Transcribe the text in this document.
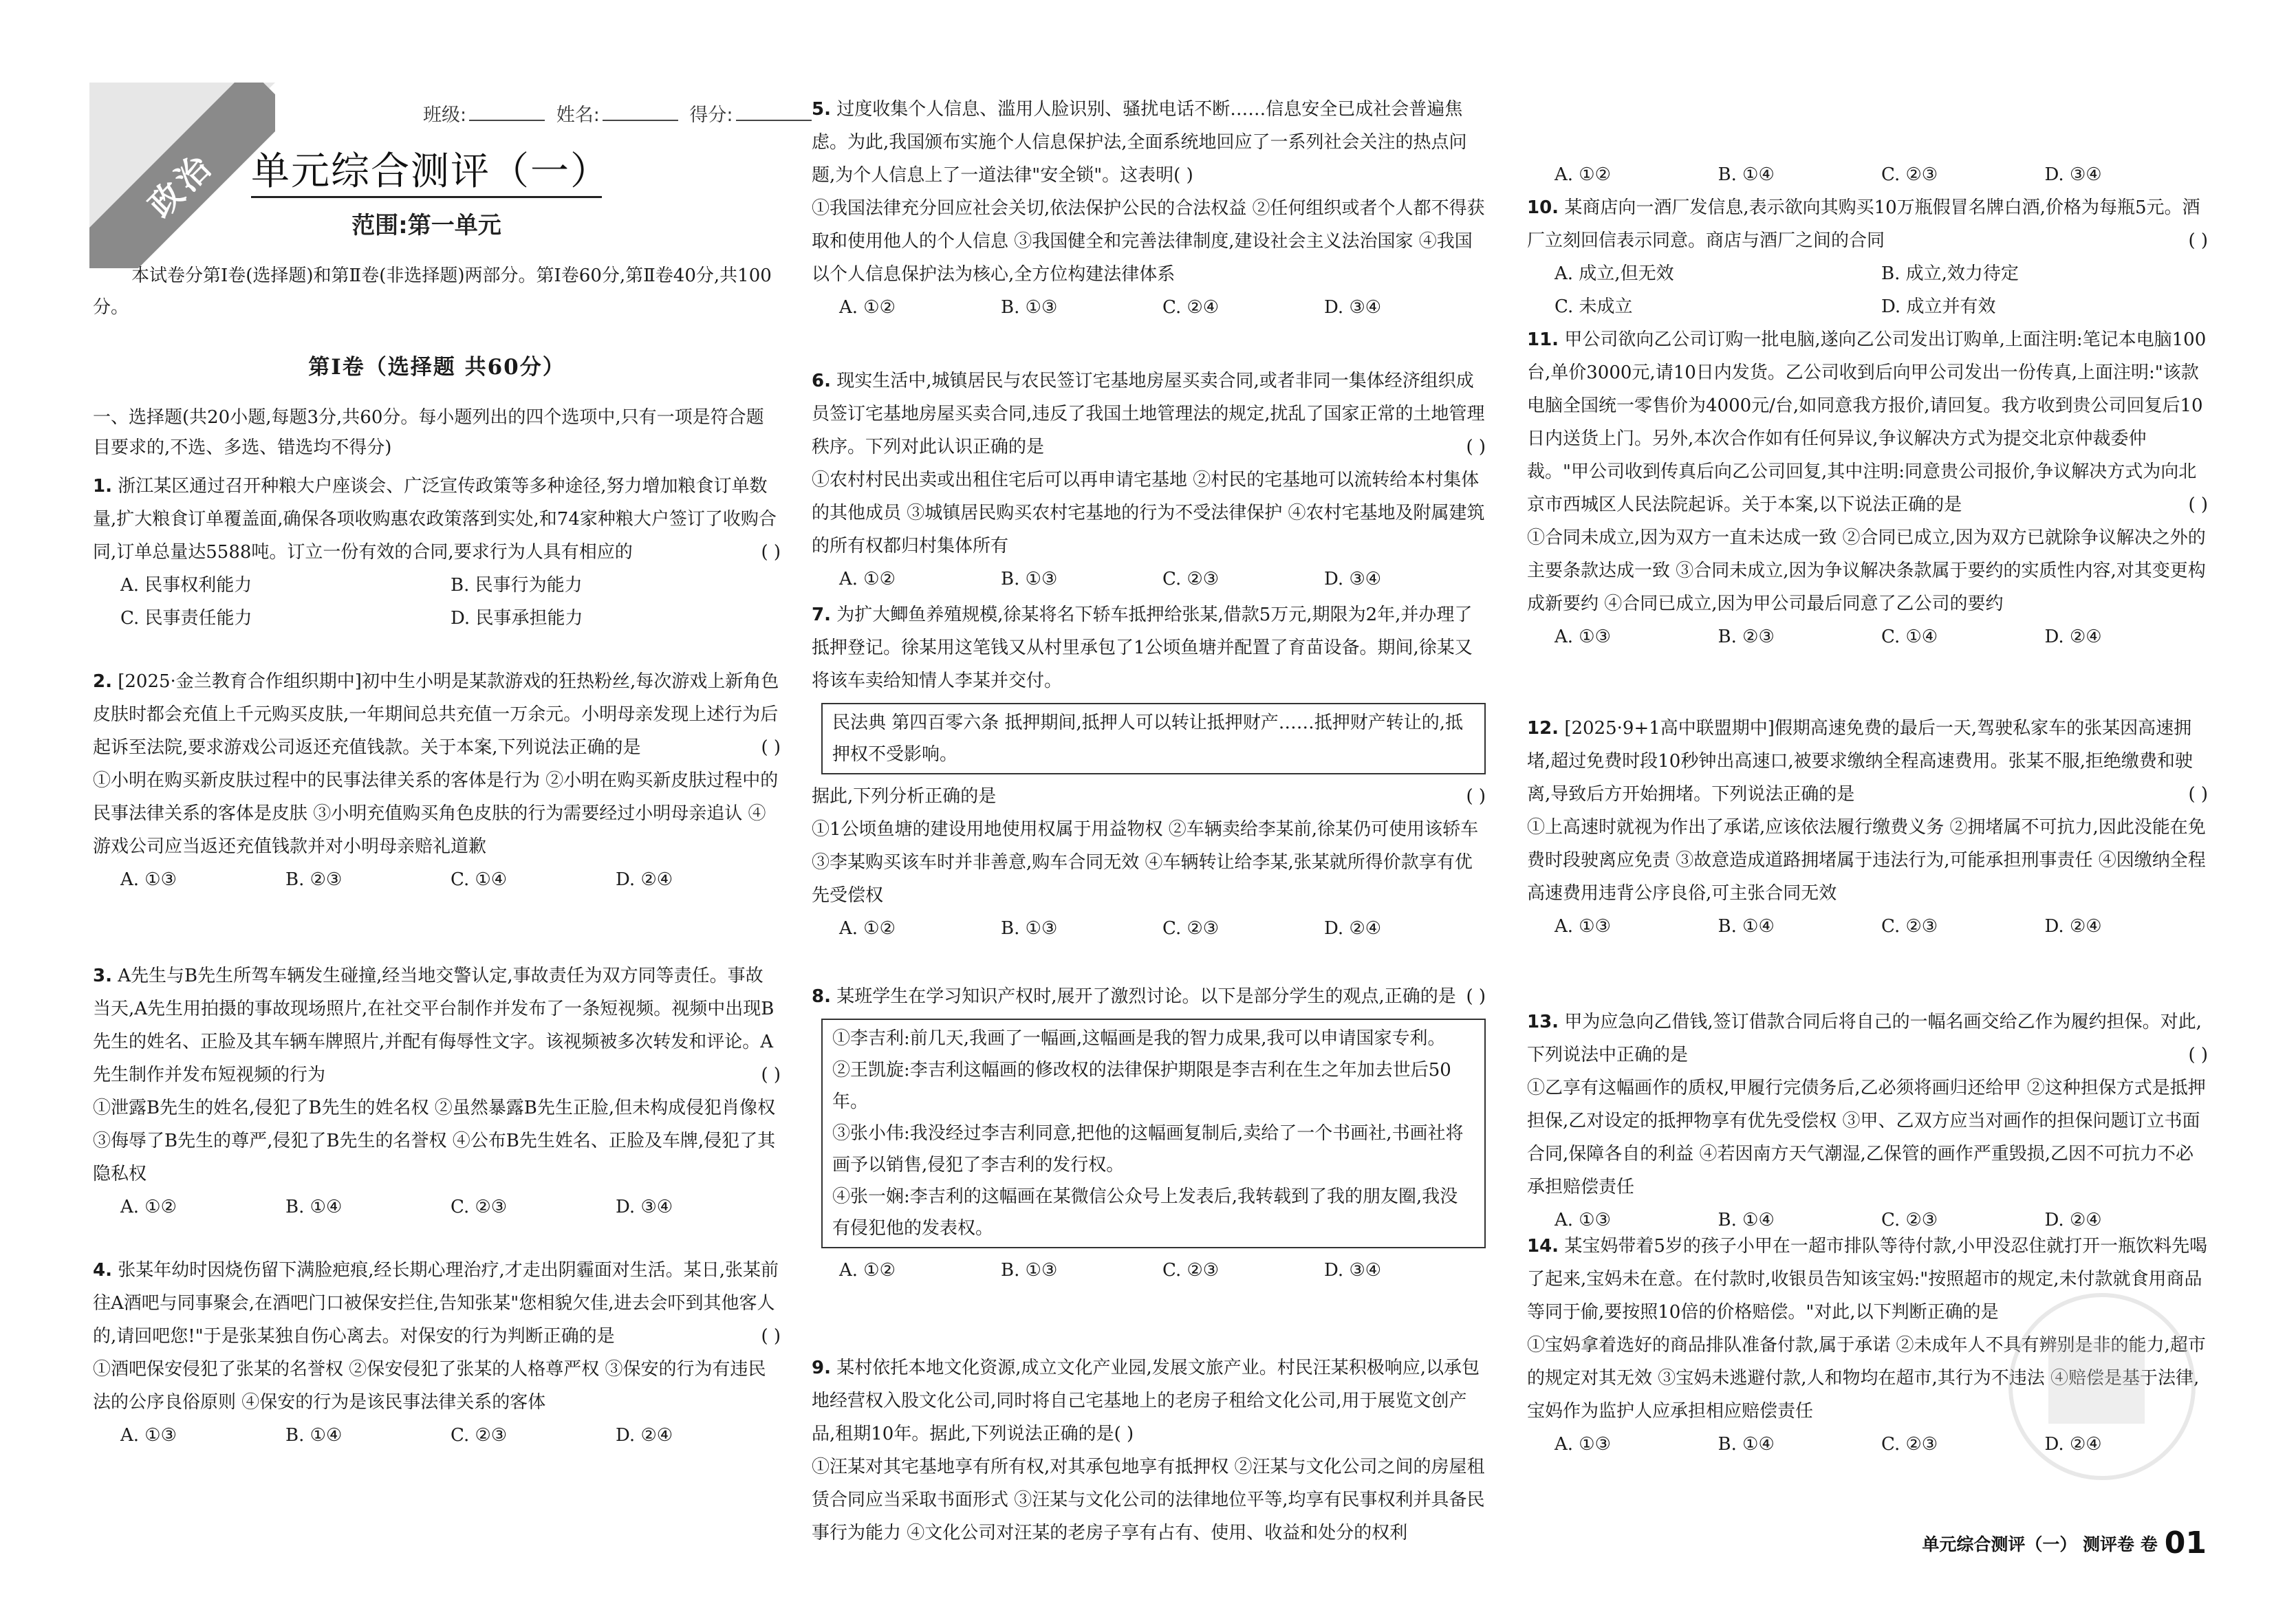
政治
班级:	姓名:	得分:
单元综合测评（一）
范围:第一单元
本试卷分第Ⅰ卷(选择题)和第Ⅱ卷(非选择题)两部分。第Ⅰ卷60分,第Ⅱ卷40分,共100分。
第Ⅰ卷（选择题 共60分）
一、选择题(共20小题,每题3分,共60分。每小题列出的四个选项中,只有一项是符合题目要求的,不选、多选、错选均不得分)
1. 浙江某区通过召开种粮大户座谈会、广泛宣传政策等多种途径,努力增加粮食订单数量,扩大粮食订单覆盖面,确保各项收购惠农政策落到实处,和74家种粮大户签订了收购合同,订单总量达5588吨。订立一份有效的合同,要求行为人具有相应的	( )
A. 民事权利能力	B. 民事行为能力
C. 民事责任能力	D. 民事承担能力
2. [2025·金兰教育合作组织期中]初中生小明是某款游戏的狂热粉丝,每次游戏上新角色皮肤时都会充值上千元购买皮肤,一年期间总共充值一万余元。小明母亲发现上述行为后起诉至法院,要求游戏公司返还充值钱款。关于本案,下列说法正确的是	( )
①小明在购买新皮肤过程中的民事法律关系的客体是行为 ②小明在购买新皮肤过程中的民事法律关系的客体是皮肤 ③小明充值购买角色皮肤的行为需要经过小明母亲追认 ④游戏公司应当返还充值钱款并对小明母亲赔礼道歉
A. ①③	B. ②③	C. ①④	D. ②④
3. A先生与B先生所驾车辆发生碰撞,经当地交警认定,事故责任为双方同等责任。事故当天,A先生用拍摄的事故现场照片,在社交平台制作并发布了一条短视频。视频中出现B先生的姓名、正脸及其车辆车牌照片,并配有侮辱性文字。该视频被多次转发和评论。A先生制作并发布短视频的行为	( )
①泄露B先生的姓名,侵犯了B先生的姓名权 ②虽然暴露B先生正脸,但未构成侵犯肖像权 ③侮辱了B先生的尊严,侵犯了B先生的名誉权 ④公布B先生姓名、正脸及车牌,侵犯了其隐私权
A. ①②	B. ①④	C. ②③	D. ③④
4. 张某年幼时因烧伤留下满脸疤痕,经长期心理治疗,才走出阴霾面对生活。某日,张某前往A酒吧与同事聚会,在酒吧门口被保安拦住,告知张某"您相貌欠佳,进去会吓到其他客人的,请回吧您!"于是张某独自伤心离去。对保安的行为判断正确的是	( )
①酒吧保安侵犯了张某的名誉权 ②保安侵犯了张某的人格尊严权 ③保安的行为有违民法的公序良俗原则 ④保安的行为是该民事法律关系的客体
A. ①③	B. ①④	C. ②③	D. ②④
5. 过度收集个人信息、滥用人脸识别、骚扰电话不断……信息安全已成社会普遍焦虑。为此,我国颁布实施个人信息保护法,全面系统地回应了一系列社会关注的热点问题,为个人信息上了一道法律"安全锁"。这表明( )
①我国法律充分回应社会关切,依法保护公民的合法权益 ②任何组织或者个人都不得获取和使用他人的个人信息 ③我国健全和完善法律制度,建设社会主义法治国家 ④我国以个人信息保护法为核心,全方位构建法律体系
A. ①②	B. ①③	C. ②④	D. ③④
6. 现实生活中,城镇居民与农民签订宅基地房屋买卖合同,或者非同一集体经济组织成员签订宅基地房屋买卖合同,违反了我国土地管理法的规定,扰乱了国家正常的土地管理秩序。下列对此认识正确的是	( )
①农村村民出卖或出租住宅后可以再申请宅基地 ②村民的宅基地可以流转给本村集体的其他成员 ③城镇居民购买农村宅基地的行为不受法律保护 ④农村宅基地及附属建筑的所有权都归村集体所有
A. ①②	B. ①③	C. ②③	D. ③④
7. 为扩大鲫鱼养殖规模,徐某将名下轿车抵押给张某,借款5万元,期限为2年,并办理了抵押登记。徐某用这笔钱又从村里承包了1公顷鱼塘并配置了育苗设备。期间,徐某又将该车卖给知情人李某并交付。
民法典 第四百零六条 抵押期间,抵押人可以转让抵押财产……抵押财产转让的,抵押权不受影响。
据此,下列分析正确的是	( )
①1公顷鱼塘的建设用地使用权属于用益物权 ②车辆卖给李某前,徐某仍可使用该轿车 ③李某购买该车时并非善意,购车合同无效 ④车辆转让给李某,张某就所得价款享有优先受偿权
A. ①②	B. ①③	C. ②③	D. ②④
8. 某班学生在学习知识产权时,展开了激烈讨论。以下是部分学生的观点,正确的是 ( )
①李吉利:前几天,我画了一幅画,这幅画是我的智力成果,我可以申请国家专利。
②王凯旋:李吉利这幅画的修改权的法律保护期限是李吉利在生之年加去世后50年。
③张小伟:我没经过李吉利同意,把他的这幅画复制后,卖给了一个书画社,书画社将画予以销售,侵犯了李吉利的发行权。
④张一娴:李吉利的这幅画在某微信公众号上发表后,我转载到了我的朋友圈,我没有侵犯他的发表权。
A. ①②	B. ①③	C. ②③	D. ③④
9. 某村依托本地文化资源,成立文化产业园,发展文旅产业。村民汪某积极响应,以承包地经营权入股文化公司,同时将自己宅基地上的老房子租给文化公司,用于展览文创产品,租期10年。据此,下列说法正确的是( )
①汪某对其宅基地享有所有权,对其承包地享有抵押权 ②汪某与文化公司之间的房屋租赁合同应当采取书面形式 ③汪某与文化公司的法律地位平等,均享有民事权利并具备民事行为能力 ④文化公司对汪某的老房子享有占有、使用、收益和处分的权利
A. ①②	B. ①④	C. ②③	D. ③④
10. 某商店向一酒厂发信息,表示欲向其购买10万瓶假冒名牌白酒,价格为每瓶5元。酒厂立刻回信表示同意。商店与酒厂之间的合同	( )
A. 成立,但无效	B. 成立,效力待定
C. 未成立	D. 成立并有效
11. 甲公司欲向乙公司订购一批电脑,遂向乙公司发出订购单,上面注明:笔记本电脑100台,单价3000元,请10日内发货。乙公司收到后向甲公司发出一份传真,上面注明:"该款电脑全国统一零售价为4000元/台,如同意我方报价,请回复。我方收到贵公司回复后10日内送货上门。另外,本次合作如有任何异议,争议解决方式为提交北京仲裁委仲裁。"甲公司收到传真后向乙公司回复,其中注明:同意贵公司报价,争议解决方式为向北京市西城区人民法院起诉。关于本案,以下说法正确的是	( )
①合同未成立,因为双方一直未达成一致 ②合同已成立,因为双方已就除争议解决之外的主要条款达成一致 ③合同未成立,因为争议解决条款属于要约的实质性内容,对其变更构成新要约 ④合同已成立,因为甲公司最后同意了乙公司的要约
A. ①③	B. ②③	C. ①④	D. ②④
12. [2025·9+1高中联盟期中]假期高速免费的最后一天,驾驶私家车的张某因高速拥堵,超过免费时段10秒钟出高速口,被要求缴纳全程高速费用。张某不服,拒绝缴费和驶离,导致后方开始拥堵。下列说法正确的是	( )
①上高速时就视为作出了承诺,应该依法履行缴费义务 ②拥堵属不可抗力,因此没能在免费时段驶离应免责 ③故意造成道路拥堵属于违法行为,可能承担刑事责任 ④因缴纳全程高速费用违背公序良俗,可主张合同无效
A. ①③	B. ①④	C. ②③	D. ②④
13. 甲为应急向乙借钱,签订借款合同后将自己的一幅名画交给乙作为履约担保。对此,下列说法中正确的是	( )
①乙享有这幅画作的质权,甲履行完债务后,乙必须将画归还给甲 ②这种担保方式是抵押担保,乙对设定的抵押物享有优先受偿权 ③甲、乙双方应当对画作的担保问题订立书面合同,保障各自的利益 ④若因南方天气潮湿,乙保管的画作严重毁损,乙因不可抗力不必承担赔偿责任
A. ①③	B. ①④	C. ②③	D. ②④
14. 某宝妈带着5岁的孩子小甲在一超市排队等待付款,小甲没忍住就打开一瓶饮料先喝了起来,宝妈未在意。在付款时,收银员告知该宝妈:"按照超市的规定,未付款就食用商品等同于偷,要按照10倍的价格赔偿。"对此,以下判断正确的是
①宝妈拿着选好的商品排队准备付款,属于承诺 ②未成年人不具有辨别是非的能力,超市的规定对其无效 ③宝妈未逃避付款,人和物均在超市,其行为不违法 ④赔偿是基于法律,宝妈作为监护人应承担相应赔偿责任
A. ①③	B. ①④	C. ②③	D. ②④
单元综合测评（一） 测评卷 卷 01
